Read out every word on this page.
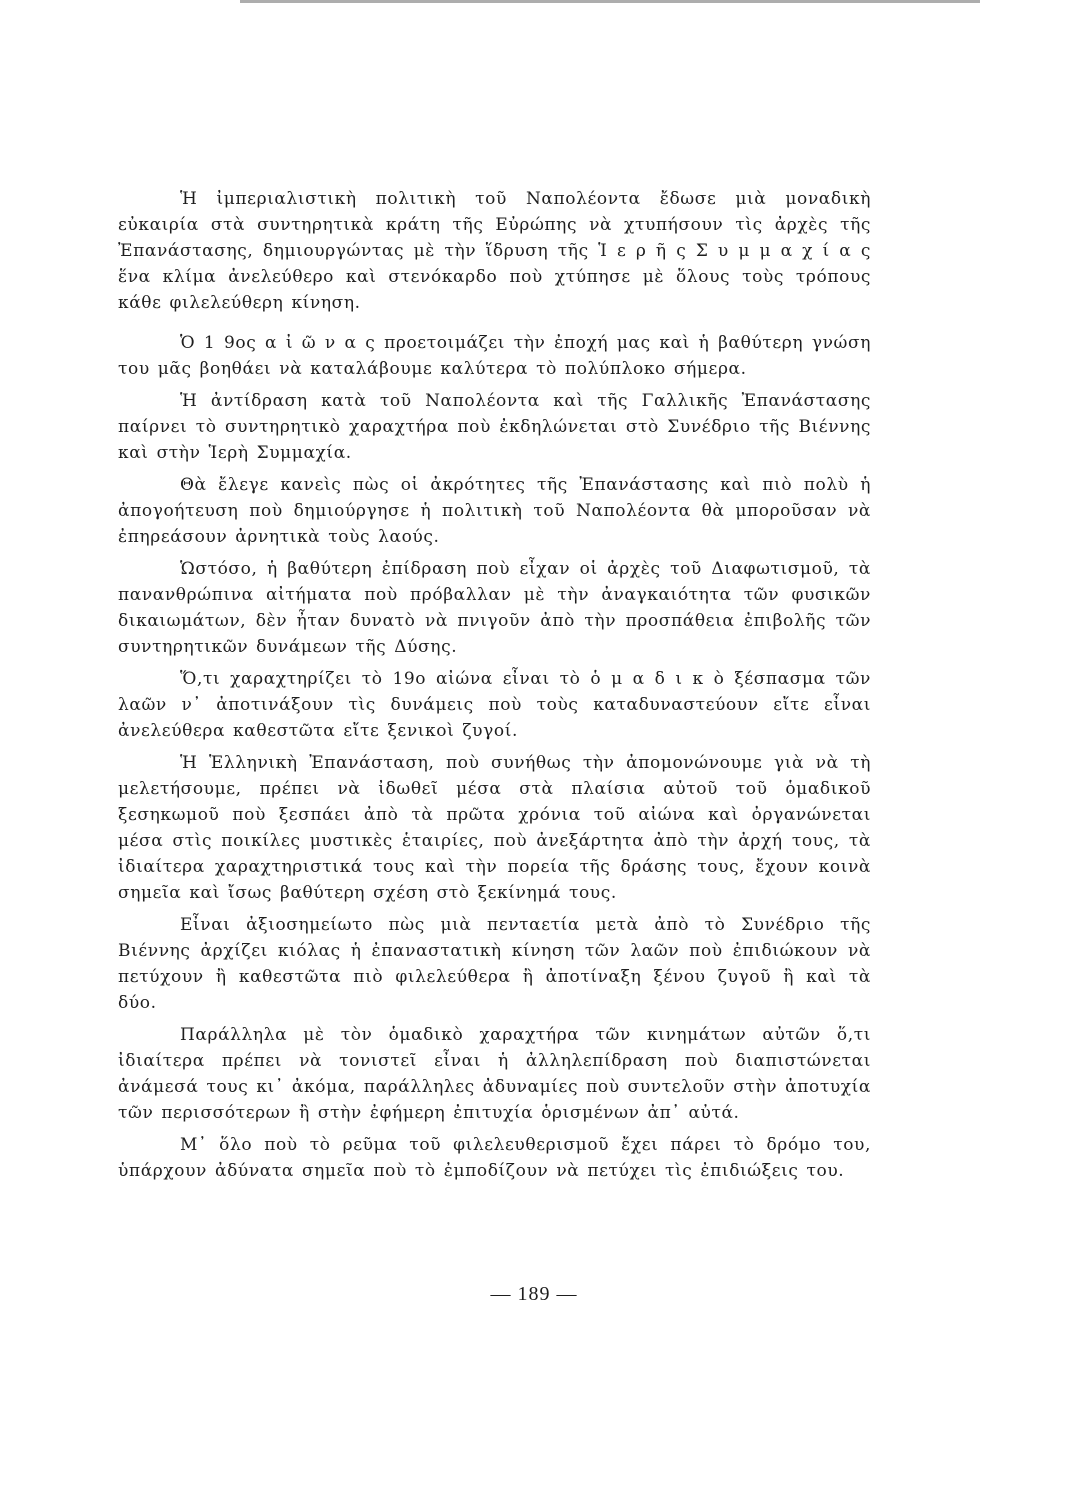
Ἡ ἰμπεριαλιστικὴ πολιτικὴ τοῦ Ναπολέοντα ἔδωσε μιὰ μοναδικὴ εὐκαιρία στὰ συντηρητικὰ κράτη τῆς Εὐρώπης νὰ χτυπήσουν τὶς ἀρχὲς τῆς Ἐπανάστασης, δημιουργώντας μὲ τὴν ἵδρυση τῆς Ἱ ε ρ ῆ ς Σ υ μ μ α χ ί α ς ἕνα κλίμα ἀνελεύθερο καὶ στενόκαρδο ποὺ χτύπησε μὲ ὅλους τοὺς τρόπους κάθε φιλελεύθερη κίνηση.

Ὁ 1 9ος α ἰ ῶ ν α ς προετοιμάζει τὴν ἐποχή μας καὶ ἡ βαθύτερη γνώση του μᾶς βοηθάει νὰ καταλάβουμε καλύτερα τὸ πολύπλοκο σήμερα.

Ἡ ἀντίδραση κατὰ τοῦ Ναπολέοντα καὶ τῆς Γαλλικῆς Ἐπανάστασης παίρνει τὸ συντηρητικὸ χαραχτήρα ποὺ ἐκδηλώνεται στὸ Συνέδριο τῆς Βιέννης καὶ στὴν Ἱερὴ Συμμαχία.

Θὰ ἔλεγε κανεὶς πὼς οἱ ἀκρότητες τῆς Ἐπανάστασης καὶ πιὸ πολὺ ἡ ἀπογοήτευση ποὺ δημιούργησε ἡ πολιτικὴ τοῦ Ναπολέοντα θὰ μποροῦσαν νὰ ἐπηρεάσουν ἀρνητικὰ τοὺς λαούς.

Ὡστόσο, ἡ βαθύτερη ἐπίδραση ποὺ εἶχαν οἱ ἀρχὲς τοῦ Διαφωτισμοῦ, τὰ πανανθρώπινα αἰτήματα ποὺ πρόβαλλαν μὲ τὴν ἀναγκαιότητα τῶν φυσικῶν δικαιωμάτων, δὲν ἦταν δυνατὸ νὰ πνιγοῦν ἀπὸ τὴν προσπάθεια ἐπιβολῆς τῶν συντηρητικῶν δυνάμεων τῆς Δύσης.

Ὅ,τι χαραχτηρίζει τὸ 19ο αἰώνα εἶναι τὸ ὁ μ α δ ι κ ὸ ξέσπασμα τῶν λαῶν ν᾿ ἀποτινάξουν τὶς δυνάμεις ποὺ τοὺς καταδυναστεύουν εἴτε εἶναι ἀνελεύθερα καθεστῶτα εἴτε ξενικοὶ ζυγοί.

Ἡ Ἑλληνικὴ Ἐπανάσταση, ποὺ συνήθως τὴν ἀπομονώνουμε γιὰ νὰ τὴ μελετήσουμε, πρέπει νὰ ἰδωθεῖ μέσα στὰ πλαίσια αὐτοῦ τοῦ ὁμαδικοῦ ξεσηκωμοῦ ποὺ ξεσπάει ἀπὸ τὰ πρῶτα χρόνια τοῦ αἰώνα καὶ ὀργανώνεται μέσα στὶς ποικίλες μυστικὲς ἑταιρίες, ποὺ ἀνεξάρτητα ἀπὸ τὴν ἀρχή τους, τὰ ἰδιαίτερα χαραχτηριστικά τους καὶ τὴν πορεία τῆς δράσης τους, ἔχουν κοινὰ σημεῖα καὶ ἴσως βαθύτερη σχέση στὸ ξεκίνημά τους.

Εἶναι ἀξιοσημείωτο πὼς μιὰ πενταετία μετὰ ἀπὸ τὸ Συνέδριο τῆς Βιέννης ἀρχίζει κιόλας ἡ ἐπαναστατικὴ κίνηση τῶν λαῶν ποὺ ἐπιδιώκουν νὰ πετύχουν ἢ καθεστῶτα πιὸ φιλελεύθερα ἢ ἀποτίναξη ξένου ζυγοῦ ἢ καὶ τὰ δύο.

Παράλληλα μὲ τὸν ὁμαδικὸ χαραχτήρα τῶν κινημάτων αὐτῶν ὅ,τι ἰδιαίτερα πρέπει νὰ τονιστεῖ εἶναι ἡ ἀλληλεπίδραση ποὺ διαπιστώνεται ἀνάμεσά τους κι᾿ ἀκόμα, παράλληλες ἀδυναμίες ποὺ συντελοῦν στὴν ἀποτυχία τῶν περισσότερων ἢ στὴν ἐφήμερη ἐπιτυχία ὁρισμένων ἀπ᾿ αὐτά.

Μ᾿ ὅλο ποὺ τὸ ρεῦμα τοῦ φιλελευθερισμοῦ ἔχει πάρει τὸ δρόμο του, ὑπάρχουν ἀδύνατα σημεῖα ποὺ τὸ ἐμποδίζουν νὰ πετύχει τὶς ἐπιδιώξεις του.

— 189 —
